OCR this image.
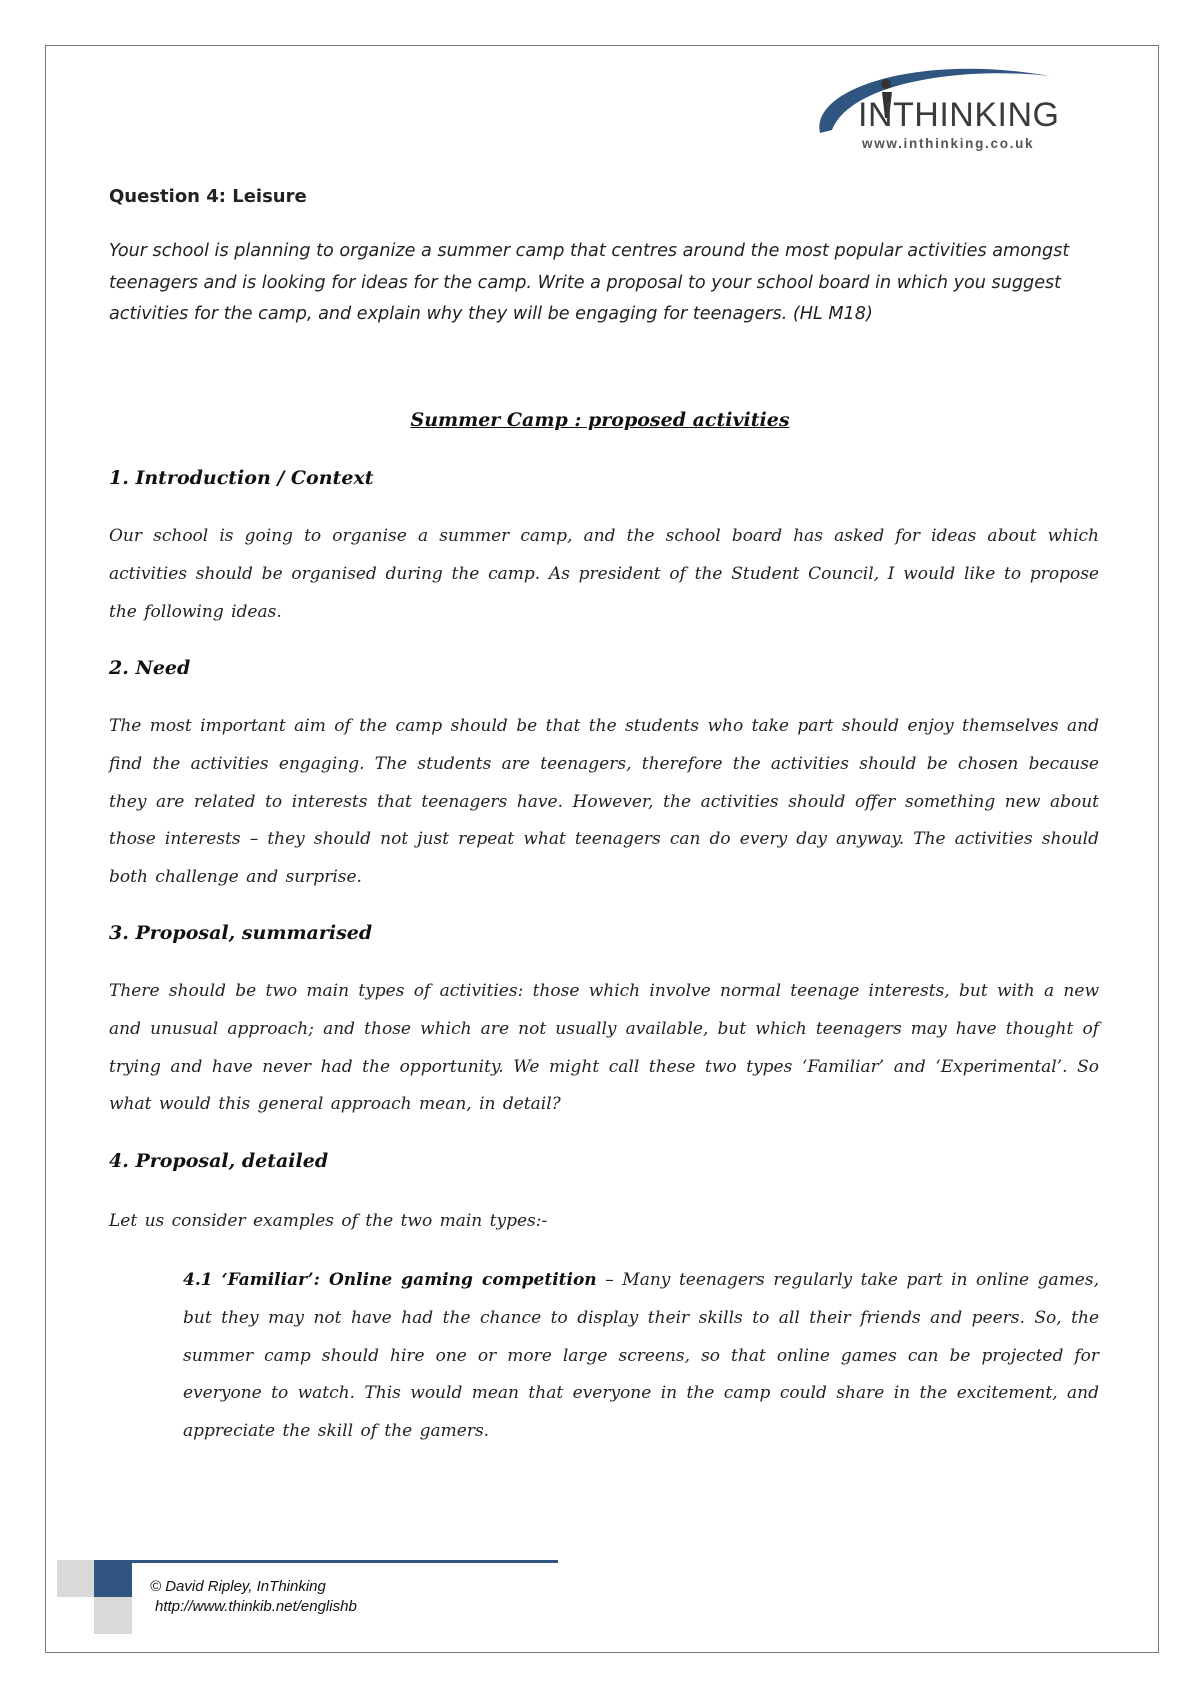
INTHINKING
www.inthinking.co.uk
Question 4: Leisure

Your school is planning to organize a summer camp that centres around the most popular activities amongst teenagers and is looking for ideas for the camp. Write a proposal to your school board in which you suggest activities for the camp, and explain why they will be engaging for teenagers. (HL M18)

Summer Camp : proposed activities
1. Introduction / Context

Our school is going to organise a summer camp, and the school board has asked for ideas about which activities should be organised during the camp. As president of the Student Council, I would like to propose the following ideas.

2. Need

The most important aim of the camp should be that the students who take part should enjoy themselves and find the activities engaging. The students are teenagers, therefore the activities should be chosen because they are related to interests that teenagers have. However, the activities should offer something new about those interests – they should not just repeat what teenagers can do every day anyway. The activities should both challenge and surprise.

3. Proposal, summarised

There should be two main types of activities: those which involve normal teenage interests, but with a new and unusual approach; and those which are not usually available, but which teenagers may have thought of trying and have never had the opportunity. We might call these two types ‘Familiar’ and ‘Experimental’. So what would this general approach mean, in detail?

4. Proposal, detailed

Let us consider examples of the two main types:-

4.1 ‘Familiar’: Online gaming competition – Many teenagers regularly take part in online games, but they may not have had the chance to display their skills to all their friends and peers. So, the summer camp should hire one or more large screens, so that online games can be projected for everyone to watch. This would mean that everyone in the camp could share in the excitement, and appreciate the skill of the gamers.

© David Ripley, InThinking
http://www.thinkib.net/englishb
